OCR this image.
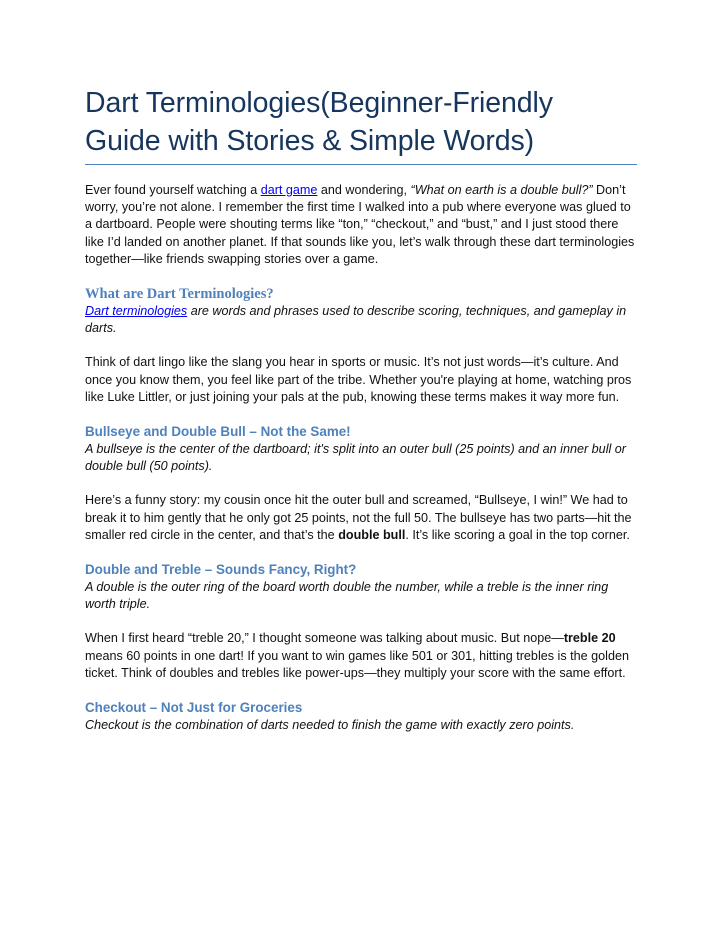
Dart Terminologies(Beginner-Friendly
Guide with Stories & Simple Words)

Ever found yourself watching a dart game and wondering, “What on earth is a double bull?” Don’t worry, you’re not alone. I remember the first time I walked into a pub where everyone was glued to a dartboard. People were shouting terms like “ton,” “checkout,” and “bust,” and I just stood there like I’d landed on another planet. If that sounds like you, let’s walk through these dart terminologies together—like friends swapping stories over a game.

What are Dart Terminologies?

Dart terminologies are words and phrases used to describe scoring, techniques, and gameplay in darts.

Think of dart lingo like the slang you hear in sports or music. It’s not just words—it’s culture. And once you know them, you feel like part of the tribe. Whether you're playing at home, watching pros like Luke Littler, or just joining your pals at the pub, knowing these terms makes it way more fun.

Bullseye and Double Bull – Not the Same!

A bullseye is the center of the dartboard; it's split into an outer bull (25 points) and an inner bull or double bull (50 points).

Here’s a funny story: my cousin once hit the outer bull and screamed, “Bullseye, I win!” We had to break it to him gently that he only got 25 points, not the full 50. The bullseye has two parts—hit the smaller red circle in the center, and that’s the double bull. It’s like scoring a goal in the top corner.

Double and Treble – Sounds Fancy, Right?

A double is the outer ring of the board worth double the number, while a treble is the inner ring worth triple.

When I first heard “treble 20,” I thought someone was talking about music. But nope—treble 20 means 60 points in one dart! If you want to win games like 501 or 301, hitting trebles is the golden ticket. Think of doubles and trebles like power-ups—they multiply your score with the same effort.

Checkout – Not Just for Groceries

Checkout is the combination of darts needed to finish the game with exactly zero points.
